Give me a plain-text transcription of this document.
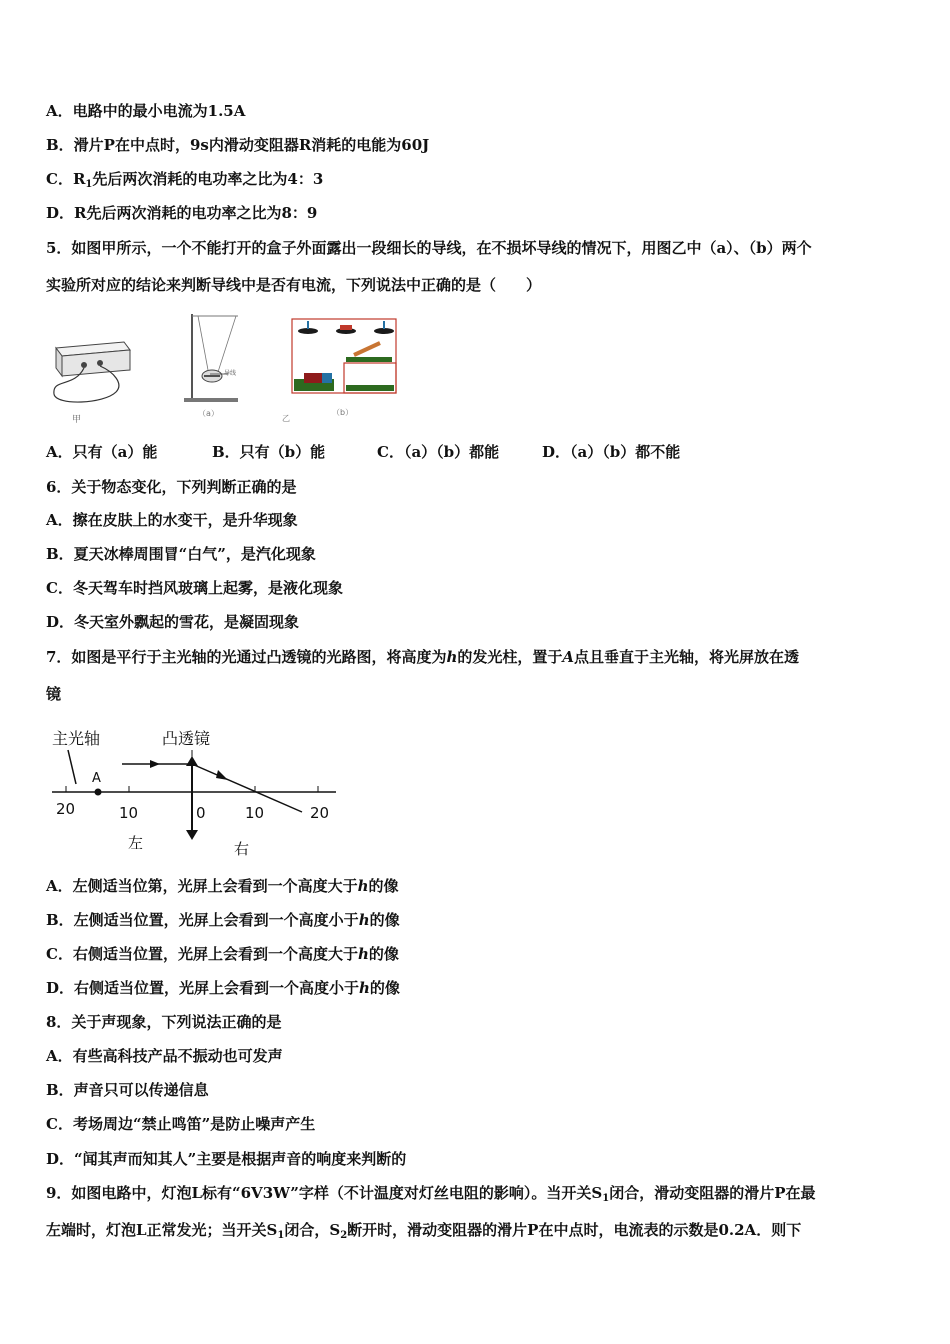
A．电路中的最小电流为1.5A
B．滑片P在中点时，9s内滑动变阻器R消耗的电能为60J
C．$R_1$先后两次消耗的电功率之比为4：3
D．R先后两次消耗的电功率之比为8：9
5．如图甲所示，一个不能打开的盒子外面露出一段细长的导线，在不损坏导线的情况下，用图乙中（a）、（b）两个
实验所对应的结论来判断导线中是否有电流，下列说法中正确的是（　　）
甲
导线
（a）
乙
（b）
A．只有（a）能	B．只有（b）能	C．（a）（b）都能	D．（a）（b）都不能
6．关于物态变化，下列判断正确的是
A．擦在皮肤上的水变干，是升华现象
B．夏天冰棒周围冒“白气”，是汽化现象
C．冬天驾车时挡风玻璃上起雾，是液化现象
D．冬天室外飘起的雪花，是凝固现象
7．如图是平行于主光轴的光通过凸透镜的光路图，将高度为h的发光柱，置于A点且垂直于主光轴，将光屏放在透
镜
主光轴	凸透镜
A
20	10	0	10	20
左	右
A．左侧适当位第，光屏上会看到一个高度大于h的像
B．左侧适当位置，光屏上会看到一个高度小于h的像
C．右侧适当位置，光屏上会看到一个高度大于h的像
D．右侧适当位置，光屏上会看到一个高度小于h的像
8．关于声现象，下列说法正确的是
A．有些高科技产品不振动也可发声
B．声音只可以传递信息
C．考场周边“禁止鸣笛”是防止噪声产生
D．“闻其声而知其人”主要是根据声音的响度来判断的
9．如图电路中，灯泡L标有“6V3W”字样（不计温度对灯丝电阻的影响）。当开关$S_1$闭合，滑动变阻器的滑片P在最
左端时，灯泡L正常发光；当开关$S_1$闭合，$S_2$断开时，滑动变阻器的滑片P在中点时，电流表的示数是0.2A．则下
